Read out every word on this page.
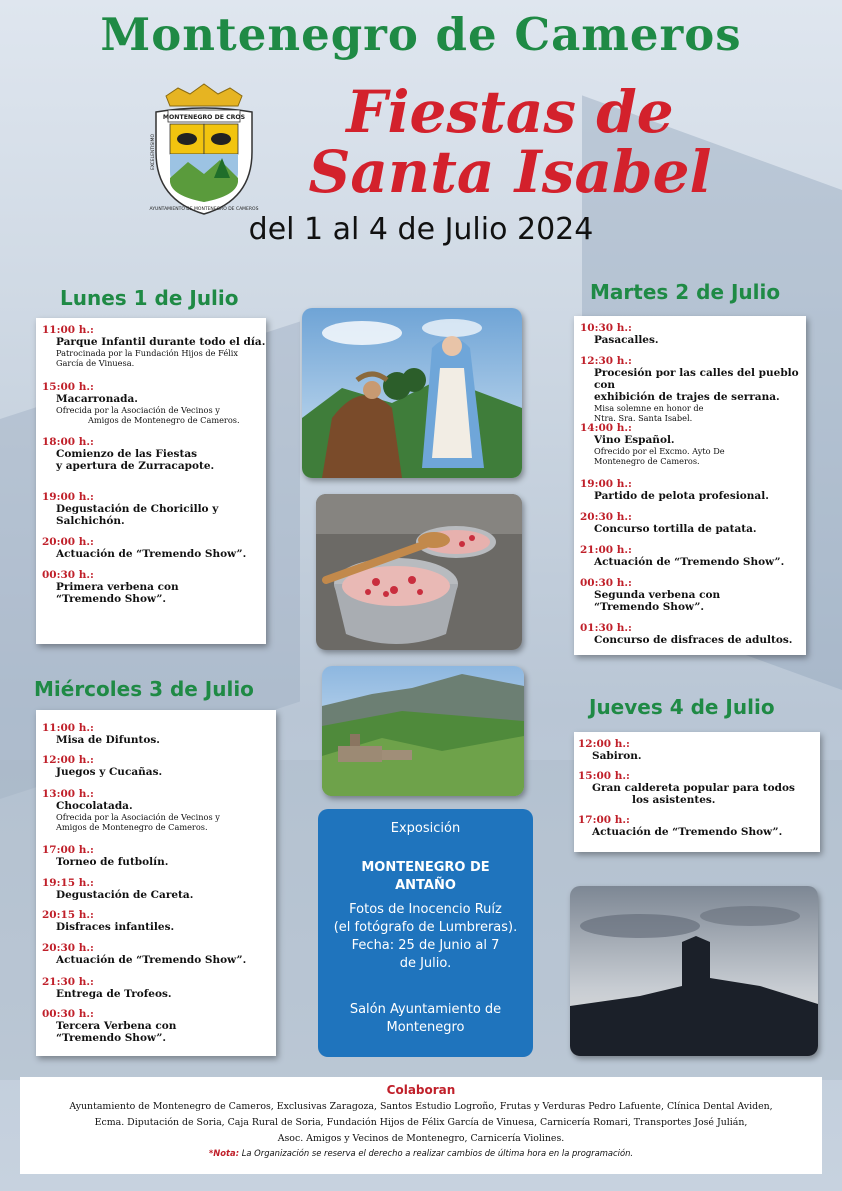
Montenegro de Cameros
MONTENEGRO DE CROS
AYUNTAMIENTO DE MONTENEGRO DE CAMEROS
EXCELENTISIMO
Fiestas de
Santa Isabel
del 1 al 4 de Julio 2024
Lunes 1 de Julio	Martes 2 de Julio
Miércoles 3 de Julio
Jueves 4 de Julio
11:00 h.:
Parque Infantil durante todo el día.
Patrocinada por la Fundación Hijos de Félix
García de Vinuesa.
15:00 h.:
Macarronada.
Ofrecida por la Asociación de Vecinos y
Amigos de Montenegro de Cameros.
18:00 h.:
Comienzo de las Fiestas
y apertura de Zurracapote.
19:00 h.:
Degustación de Choricillo y
Salchichón.
20:00 h.:
Actuación de “Tremendo Show”.
00:30 h.:
Primera verbena con
“Tremendo Show”.
10:30 h.:
Pasacalles.
12:30 h.:
Procesión por las calles del pueblo con
exhibición de trajes de serrana.
Misa solemne en honor de
Ntra. Sra. Santa Isabel.
14:00 h.:
Vino Español.
Ofrecido por el Excmo. Ayto De
Montenegro de Cameros.
19:00 h.:
Partido de pelota profesional.
20:30 h.:
Concurso tortilla de patata.
21:00 h.:
Actuación de “Tremendo Show”.
00:30 h.:
Segunda verbena con
“Tremendo Show”.
01:30 h.:
Concurso de disfraces de adultos.
11:00 h.:
Misa de Difuntos.
12:00 h.:
Juegos y Cucañas.
13:00 h.:
Chocolatada.
Ofrecida por la Asociación de Vecinos y
Amigos de Montenegro de Cameros.
17:00 h.:
Torneo de futbolín.
19:15 h.:
Degustación de Careta.
20:15 h.:
Disfraces infantiles.
20:30 h.:
Actuación de “Tremendo Show”.
21:30 h.:
Entrega de Trofeos.
00:30 h.:
Tercera Verbena con
“Tremendo Show”.
12:00 h.:
Sabiron.
15:00 h.:
Gran caldereta popular para todos
los asistentes.
17:00 h.:
Actuación de “Tremendo Show”.
Exposición
MONTENEGRO DE
ANTAÑO
Fotos de Inocencio Ruíz
(el fotógrafo de Lumbreras).
Fecha: 25 de Junio al 7
de Julio.
Salón Ayuntamiento de
Montenegro
Colaboran
Ayuntamiento de Montenegro de Cameros, Exclusivas Zaragoza, Santos Estudio Logroño, Frutas y Verduras Pedro Lafuente, Clínica Dental Aviden,
Ecma. Diputación de Soria, Caja Rural de Soria, Fundación Hijos de Félix García de Vinuesa, Carnicería Romari, Transportes José Julián,
Asoc. Amigos y Vecinos de Montenegro, Carnicería Violines.
*Nota: La Organización se reserva el derecho a realizar cambios de última hora en la programación.
